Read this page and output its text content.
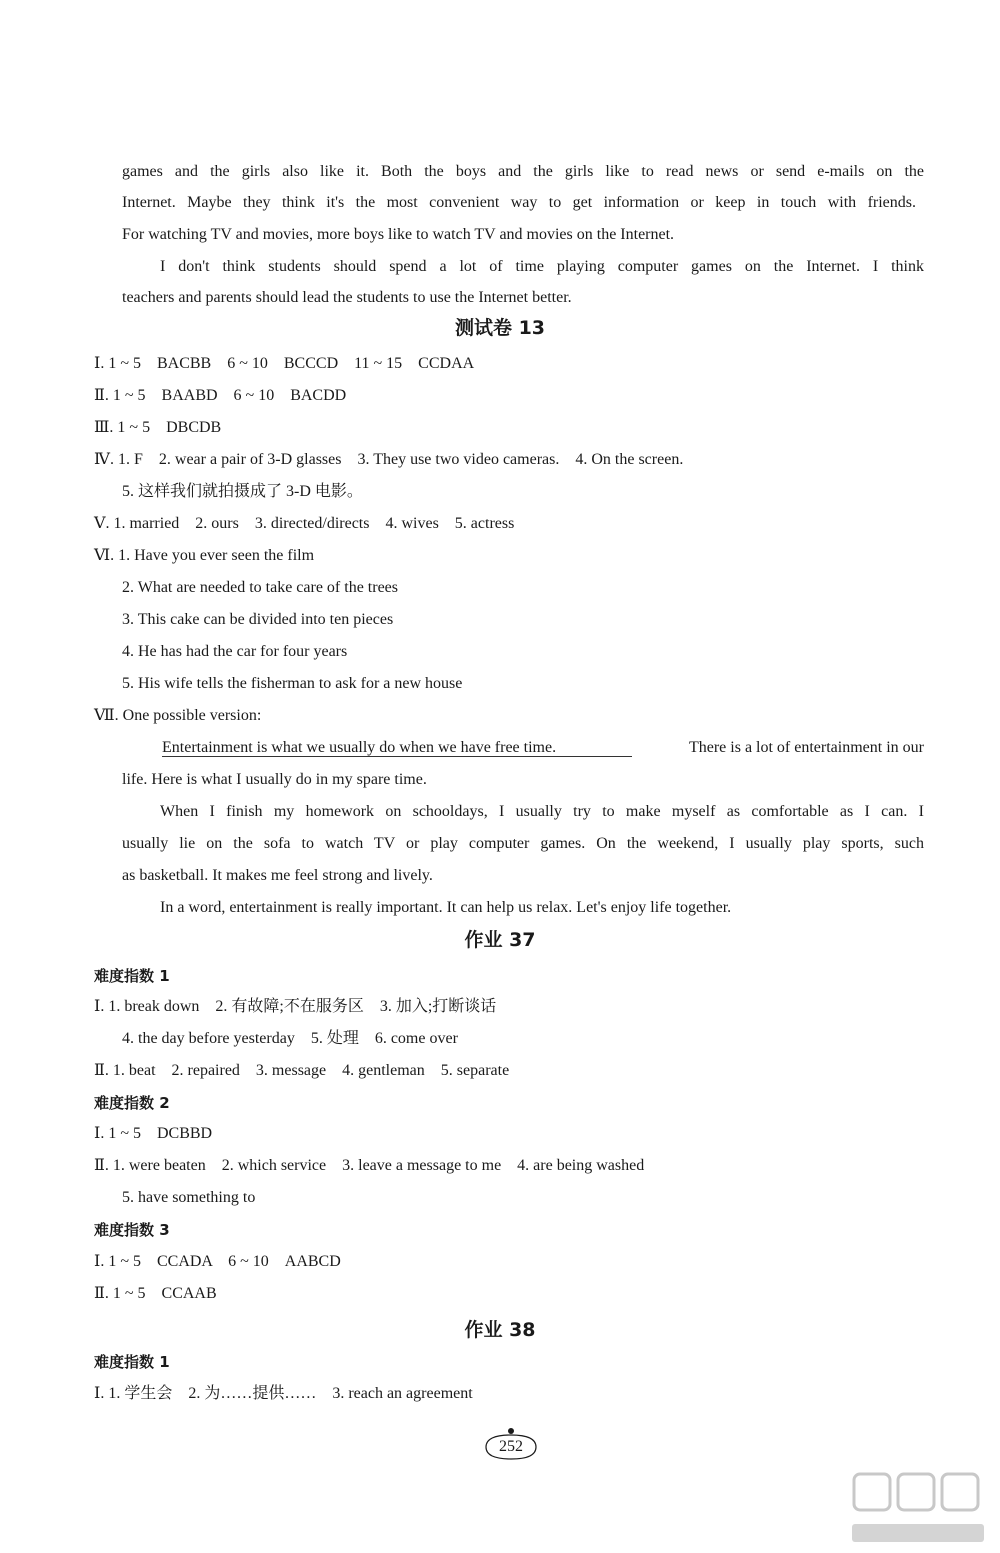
games and the girls also like it. Both the boys and the girls like to read news or send e-mails on the
Internet. Maybe they think it's the most convenient way to get information or keep in touch with friends.
For watching TV and movies, more boys like to watch TV and movies on the Internet.
I don't think students should spend a lot of time playing computer games on the Internet. I think
teachers and parents should lead the students to use the Internet better.
测试卷 13
Ⅰ. 1 ~ 5　BACBB　6 ~ 10　BCCCD　11 ~ 15　CCDAA
Ⅱ. 1 ~ 5　BAABD　6 ~ 10　BACDD
Ⅲ. 1 ~ 5　DBCDB
Ⅳ. 1. F　2. wear a pair of 3-D glasses　3. They use two video cameras.　4. On the screen.
5. 这样我们就拍摄成了 3-D 电影。
Ⅴ. 1. married　2. ours　3. directed/directs　4. wives　5. actress
Ⅵ. 1. Have you ever seen the film
2. What are needed to take care of the trees
3. This cake can be divided into ten pieces
4. He has had the car for four years
5. His wife tells the fisherman to ask for a new house
Ⅶ. One possible version:
Entertainment is what we usually do when we have free time.	There is a lot of entertainment in our
life. Here is what I usually do in my spare time.
When I finish my homework on schooldays, I usually try to make myself as comfortable as I can. I
usually lie on the sofa to watch TV or play computer games. On the weekend, I usually play sports, such
as basketball. It makes me feel strong and lively.
In a word, entertainment is really important. It can help us relax. Let's enjoy life together.
作业 37
难度指数 1
Ⅰ. 1. break down　2. 有故障;不在服务区　3. 加入;打断谈话
4. the day before yesterday　5. 处理　6. come over
Ⅱ. 1. beat　2. repaired　3. message　4. gentleman　5. separate
难度指数 2
Ⅰ. 1 ~ 5　DCBBD
Ⅱ. 1. were beaten　2. which service　3. leave a message to me　4. are being washed
5. have something to
难度指数 3
Ⅰ. 1 ~ 5　CCADA　6 ~ 10　AABCD
Ⅱ. 1 ~ 5　CCAAB
作业 38
难度指数 1
Ⅰ. 1. 学生会　2. 为……提供……　3. reach an agreement
252
